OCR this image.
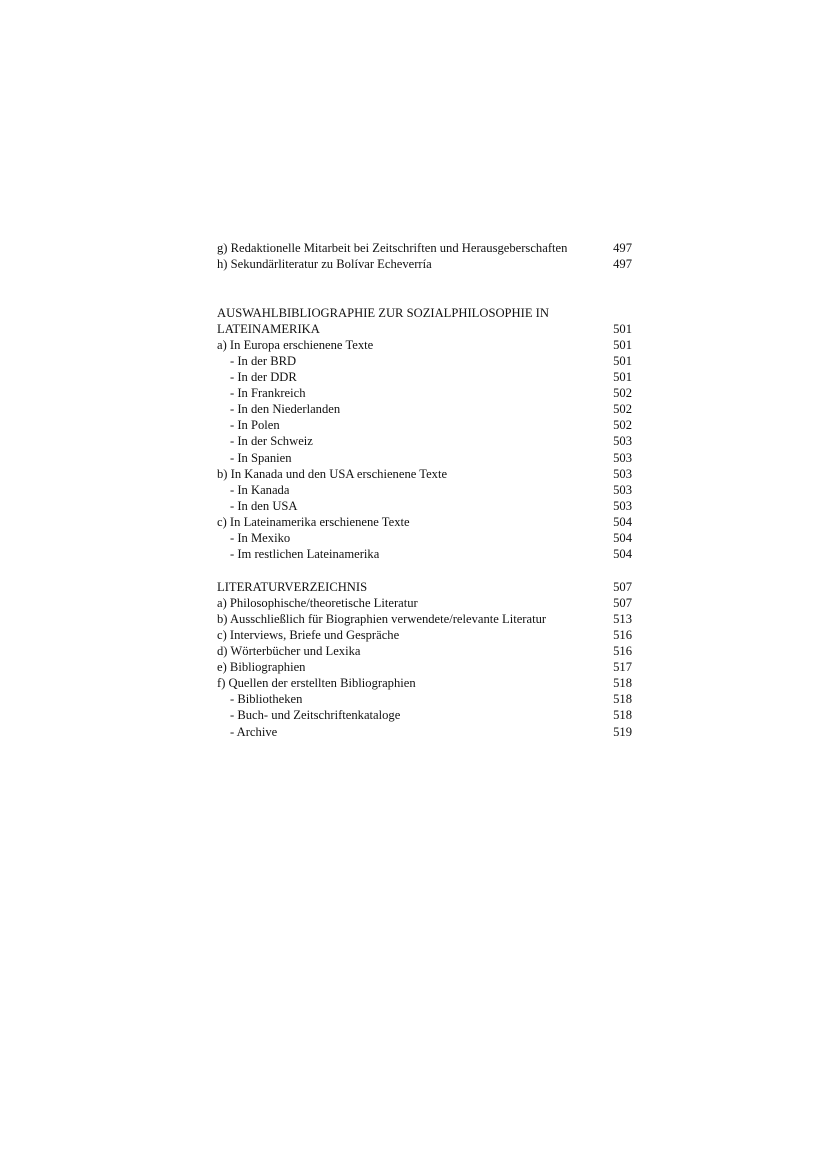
g) Redaktionelle Mitarbeit bei Zeitschriften und Herausgeberschaften	497
h) Sekundärliteratur zu Bolívar Echeverría	497
AUSWAHLBIBLIOGRAPHIE ZUR SOZIALPHILOSOPHIE IN
LATEINAMERIKA	501
a) In Europa erschienene Texte	501
- In der BRD	501
- In der DDR	501
- In Frankreich	502
- In den Niederlanden	502
- In Polen	502
- In der Schweiz	503
- In Spanien	503
b) In Kanada und den USA erschienene Texte	503
- In Kanada	503
- In den USA	503
c) In Lateinamerika erschienene Texte	504
- In Mexiko	504
- Im restlichen Lateinamerika	504
LITERATURVERZEICHNIS	507
a) Philosophische/theoretische Literatur	507
b) Ausschließlich für Biographien verwendete/relevante Literatur	513
c) Interviews, Briefe und Gespräche	516
d) Wörterbücher und Lexika	516
e) Bibliographien	517
f) Quellen der erstellten Bibliographien	518
- Bibliotheken	518
- Buch- und Zeitschriftenkataloge	518
- Archive	519
